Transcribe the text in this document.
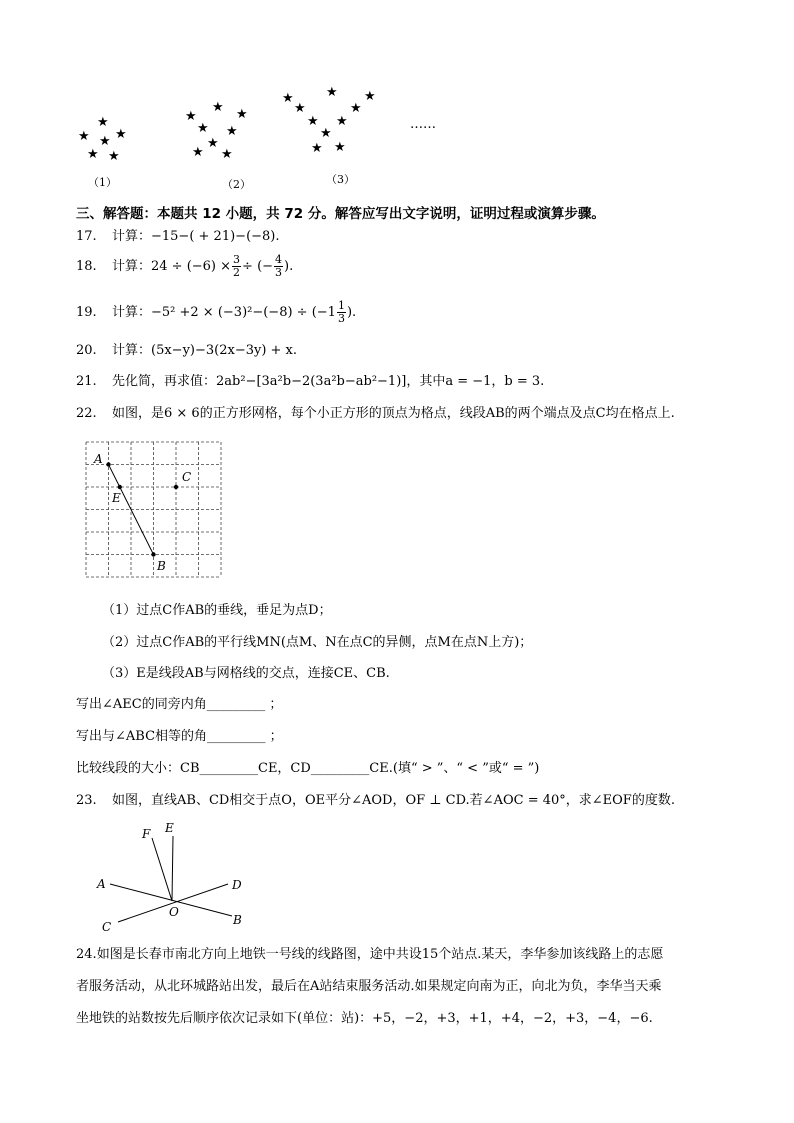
★
★ ★
★
★ ★
（1）
★
★	★
★ ★
★
★ ★
（2）
★ ★ ★
★	★
★ ★
★
★ ★
（3）
……
三、解答题：本题共 12 小题，共 72 分。解答应写出文字说明，证明过程或演算步骤。
17. 计算：−15−( + 21)−(−8).
18. 计算：$24 \div (-6) \times \frac{3}{2}$ ÷ (− $\frac{4}{3}$ ).
19. 计算：$-5^2 +2 \times (-3)^2-(-8) \div (-1 \frac{1}{3}$ ).
20. 计算：(5x−y)−3(2x−3y) + x.
21. 先化简，再求值：2ab²−[3a²b−2(3a²b−ab²−1)]，其中a = −1，b = 3.
22. 如图，是6 × 6的正方形网格，每个小正方形的顶点为格点，线段AB的两个端点及点C均在格点上.
A
E
B
C
（1）过点C作AB的垂线，垂足为点D；
（2）过点C作AB的平行线MN(点M、N在点C的异侧，点M在点N上方)；
（3）E是线段AB与网格线的交点，连接CE、CB.
写出∠AEC的同旁内角_________ ；
写出与∠ABC相等的角_________ ；
比较线段的大小：CB_________CE，CD_________CE.(填“ > ”、“ < ”或“ = ”)
23. 如图，直线AB、CD相交于点O，OE平分∠AOD，OF ⊥ CD.若∠AOC = 40°，求∠EOF的度数.
A
B
C
D
E
F
O
24.如图是长春市南北方向上地铁一号线的线路图，途中共设15个站点.某天，李华参加该线路上的志愿
者服务活动，从北环城路站出发，最后在A站结束服务活动.如果规定向南为正，向北为负，李华当天乘
坐地铁的站数按先后顺序依次记录如下(单位：站)：+5，−2，+3，+1，+4，−2，+3，−4，−6.
